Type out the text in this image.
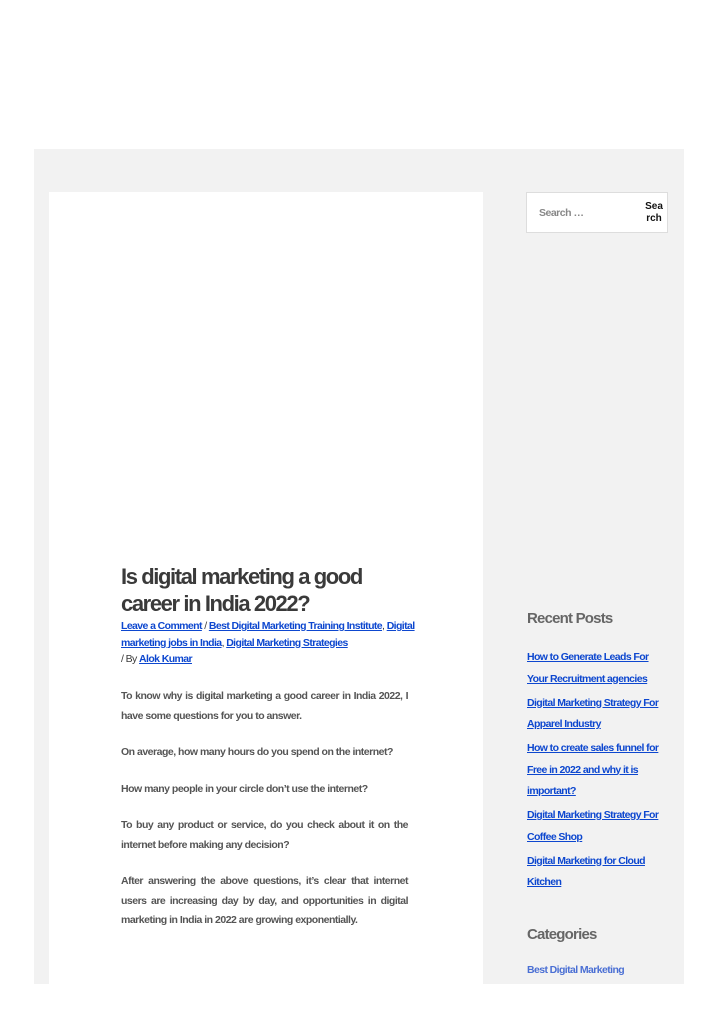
Is digital marketing a good career in India 2022?
Leave a Comment / Best Digital Marketing Training Institute, Digital marketing jobs in India, Digital Marketing Strategies
/ By Alok Kumar

To know why is digital marketing a good career in India 2022, I have some questions for you to answer.

On average, how many hours do you spend on the internet?

How many people in your circle don’t use the internet?

To buy any product or service, do you check about it on the internet before making any decision?

After answering the above questions, it’s clear that internet users are increasing day by day, and opportunities in digital marketing in India in 2022 are growing exponentially.

Search …
Search
Recent Posts
How to Generate Leads For Your Recruitment agencies
Digital Marketing Strategy For Apparel Industry
How to create sales funnel for Free in 2022 and why it is important?
Digital Marketing Strategy For Coffee Shop
Digital Marketing for Cloud Kitchen
Categories
Best Digital Marketing
